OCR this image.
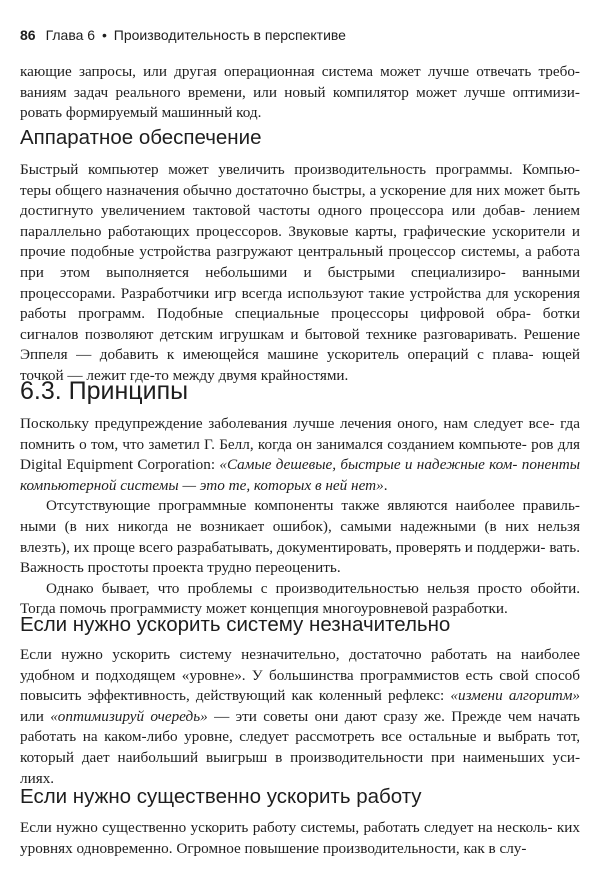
86 Глава 6 • Производительность в перспективе

кающие запросы, или другая операционная система может лучше отвечать требо- ваниям задач реального времени, или новый компилятор может лучше оптимизи- ровать формируемый машинный код.

Аппаратное обеспечение

Быстрый компьютер может увеличить производительность программы. Компью- теры общего назначения обычно достаточно быстры, а ускорение для них может быть достигнуто увеличением тактовой частоты одного процессора или добав- лением параллельно работающих процессоров. Звуковые карты, графические ускорители и прочие подобные устройства разгружают центральный процессор системы, а работа при этом выполняется небольшими и быстрыми специализиро- ванными процессорами. Разработчики игр всегда используют такие устройства для ускорения работы программ. Подобные специальные процессоры цифровой обра- ботки сигналов позволяют детским игрушкам и бытовой технике разговаривать. Решение Эппеля — добавить к имеющейся машине ускоритель операций с плава- ющей точкой — лежит где-то между двумя крайностями.

6.3. Принципы

Поскольку предупреждение заболевания лучше лечения оного, нам следует все- гда помнить о том, что заметил Г. Белл, когда он занимался созданием компьюте- ров для Digital Equipment Corporation: «Самые дешевые, быстрые и надежные ком- поненты компьютерной системы — это те, которых в ней нет».

Отсутствующие программные компоненты также являются наиболее правиль- ными (в них никогда не возникает ошибок), самыми надежными (в них нельзя влезть), их проще всего разрабатывать, документировать, проверять и поддержи- вать. Важность простоты проекта трудно переоценить.

Однако бывает, что проблемы с производительностью нельзя просто обойти. Тогда помочь программисту может концепция многоуровневой разработки.

Если нужно ускорить систему незначительно

Если нужно ускорить систему незначительно, достаточно работать на наиболее удобном и подходящем «уровне». У большинства программистов есть свой способ повысить эффективность, действующий как коленный рефлекс: «измени алгоритм» или «оптимизируй очередь» — эти советы они дают сразу же. Прежде чем начать работать на каком-либо уровне, следует рассмотреть все остальные и выбрать тот, который дает наибольший выигрыш в производительности при наименьших уси- лиях.

Если нужно существенно ускорить работу

Если нужно существенно ускорить работу системы, работать следует на несколь- ких уровнях одновременно. Огромное повышение производительности, как в слу-
